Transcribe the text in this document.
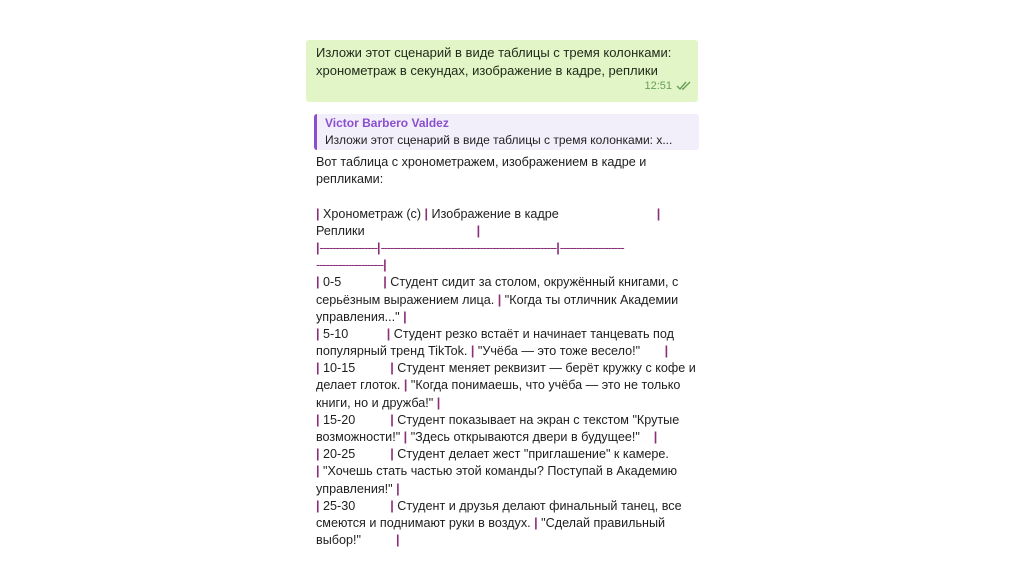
Изложи этот сценарий в виде таблицы с тремя колонками: хронометраж в секундах, изображение в кадре, реплики
12:51
Victor Barbero Valdez
Изложи этот сценарий в виде таблицы с тремя колонками: х...
Вот таблица с хронометражем, изображением в кадре и
репликами:
| Хронометраж (с) | Изображение в кадре                            |
Реплики                                |
|------------------|-------------------------------------------------------|--------------------
---------------------|
| 0-5            | Студент сидит за столом, окружённый книгами, с
серьёзным выражением лица. | "Когда ты отличник Академии
управления..." |
| 5-10           | Студент резко встаёт и начинает танцевать под
популярный тренд TikTok. | "Учёба — это тоже весело!"       |
| 10-15          | Студент меняет реквизит — берёт кружку с кофе и
делает глоток. | "Когда понимаешь, что учёба — это не только
книги, но и дружба!" |
| 15-20          | Студент показывает на экран с текстом "Крутые
возможности!" | "Здесь открываются двери в будущее!"    |
| 20-25          | Студент делает жест "приглашение" к камере.
| "Хочешь стать частью этой команды? Поступай в Академию
управления!" |
| 25-30          | Студент и друзья делают финальный танец, все
смеются и поднимают руки в воздух. | "Сделай правильный
выбор!"          |
